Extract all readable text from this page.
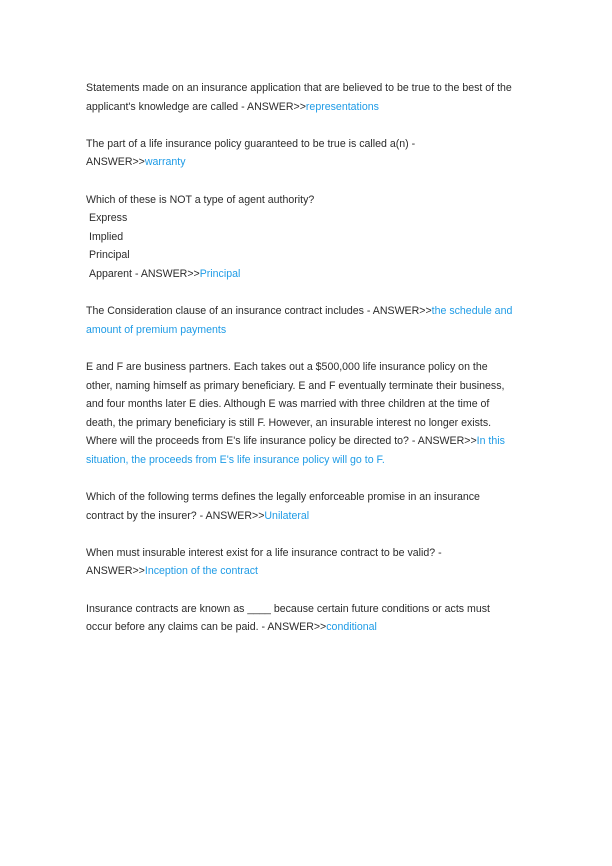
Statements made on an insurance application that are believed to be true to the best of the applicant's knowledge are called - ANSWER>>representations

The part of a life insurance policy guaranteed to be true is called a(n) - ANSWER>>warranty

Which of these is NOT a type of agent authority?

Express
Implied
Principal
Apparent - ANSWER>>Principal

The Consideration clause of an insurance contract includes - ANSWER>>the schedule and amount of premium payments

E and F are business partners. Each takes out a $500,000 life insurance policy on the other, naming himself as primary beneficiary. E and F eventually terminate their business, and four months later E dies. Although E was married with three children at the time of death, the primary beneficiary is still F. However, an insurable interest no longer exists. Where will the proceeds from E's life insurance policy be directed to? - ANSWER>>In this situation, the proceeds from E's life insurance policy will go to F.

Which of the following terms defines the legally enforceable promise in an insurance contract by the insurer? - ANSWER>>Unilateral

When must insurable interest exist for a life insurance contract to be valid? - ANSWER>>Inception of the contract

Insurance contracts are known as ____ because certain future conditions or acts must occur before any claims can be paid. - ANSWER>>conditional
